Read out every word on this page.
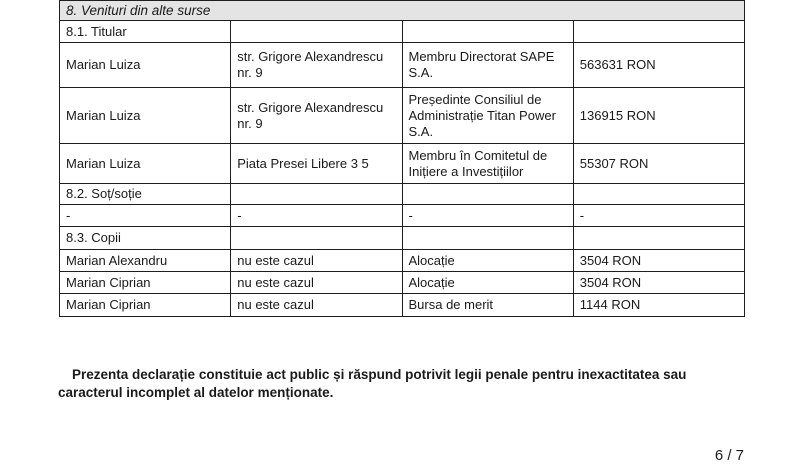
8. Venituri din alte surse			
8.1. Titular			
Marian Luiza	str. Grigore Alexandrescu nr. 9	Membru Directorat SAPE S.A.	563631 RON
Marian Luiza	str. Grigore Alexandrescu nr. 9	Președinte Consiliul de Administrație Titan Power S.A.	136915 RON
Marian Luiza	Piata Presei Libere 3 5	Membru în Comitetul de Inițiere a Investițiilor	55307 RON
8.2. Soț/soție			
-	-	-	-
8.3. Copii			
Marian Alexandru	nu este cazul	Alocație	3504 RON
Marian Ciprian	nu este cazul	Alocație	3504 RON
Marian Ciprian	nu este cazul	Bursa de merit	1144 RON
Prezenta declarație constituie act public și răspund potrivit legii penale pentru inexactitatea sau caracterul incomplet al datelor menționate.
6 / 7
